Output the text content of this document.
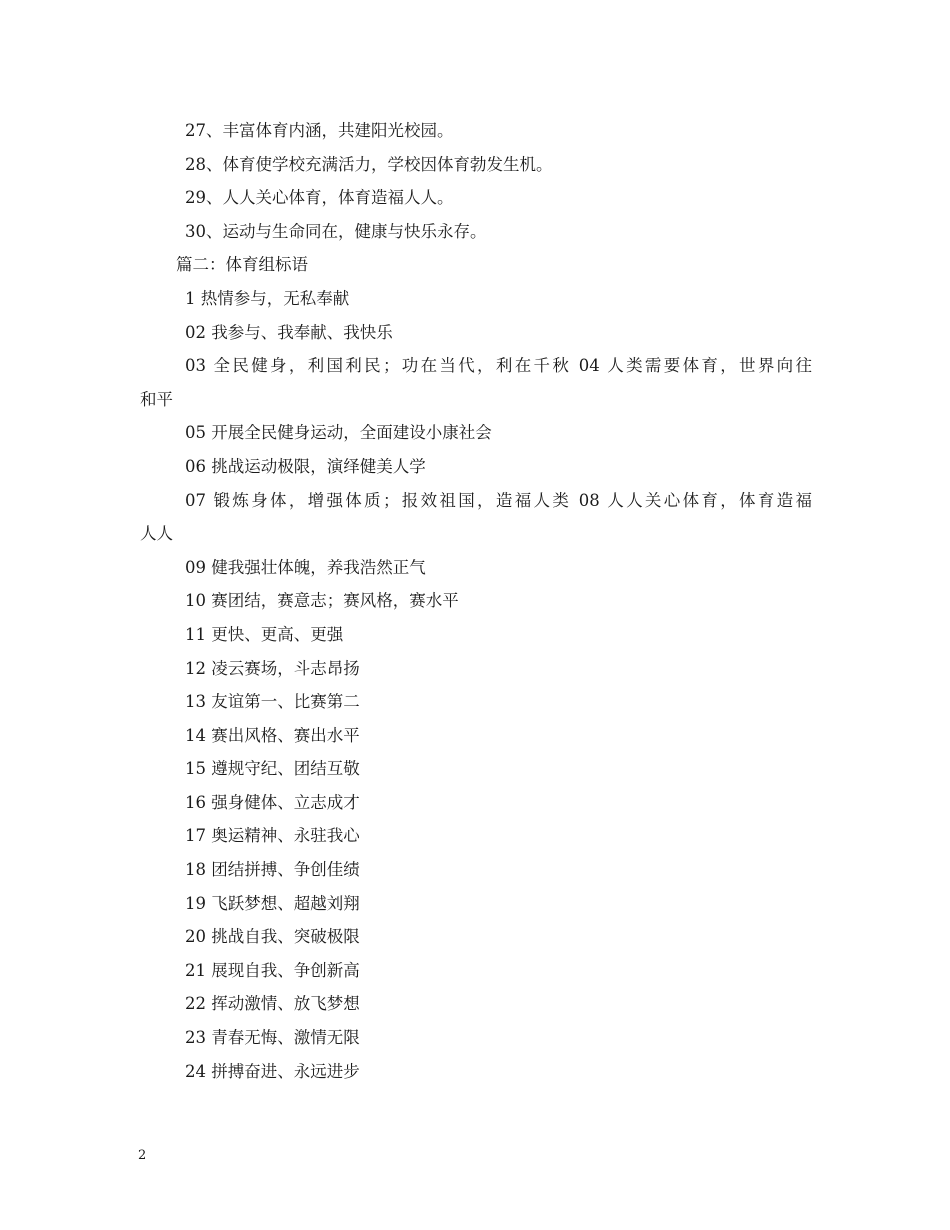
27、丰富体育内涵，共建阳光校园。
28、体育使学校充满活力，学校因体育勃发生机。
29、人人关心体育，体育造福人人。
30、运动与生命同在，健康与快乐永存。
篇二：体育组标语
1 热情参与，无私奉献
02 我参与、我奉献、我快乐
03 全民健身，利国利民；功在当代，利在千秋 04 人类需要体育，世界向往
和平
05 开展全民健身运动，全面建设小康社会
06 挑战运动极限，演绎健美人学
07 锻炼身体，增强体质；报效祖国，造福人类 08 人人关心体育，体育造福
人人
09 健我强壮体魄，养我浩然正气
10 赛团结，赛意志；赛风格，赛水平
11 更快、更高、更强
12 凌云赛场，斗志昂扬
13 友谊第一、比赛第二
14 赛出风格、赛出水平
15 遵规守纪、团结互敬
16 强身健体、立志成才
17 奥运精神、永驻我心
18 团结拼搏、争创佳绩
19 飞跃梦想、超越刘翔
20 挑战自我、突破极限
21 展现自我、争创新高
22 挥动激情、放飞梦想
23 青春无悔、激情无限
24 拼搏奋进、永远进步
2
